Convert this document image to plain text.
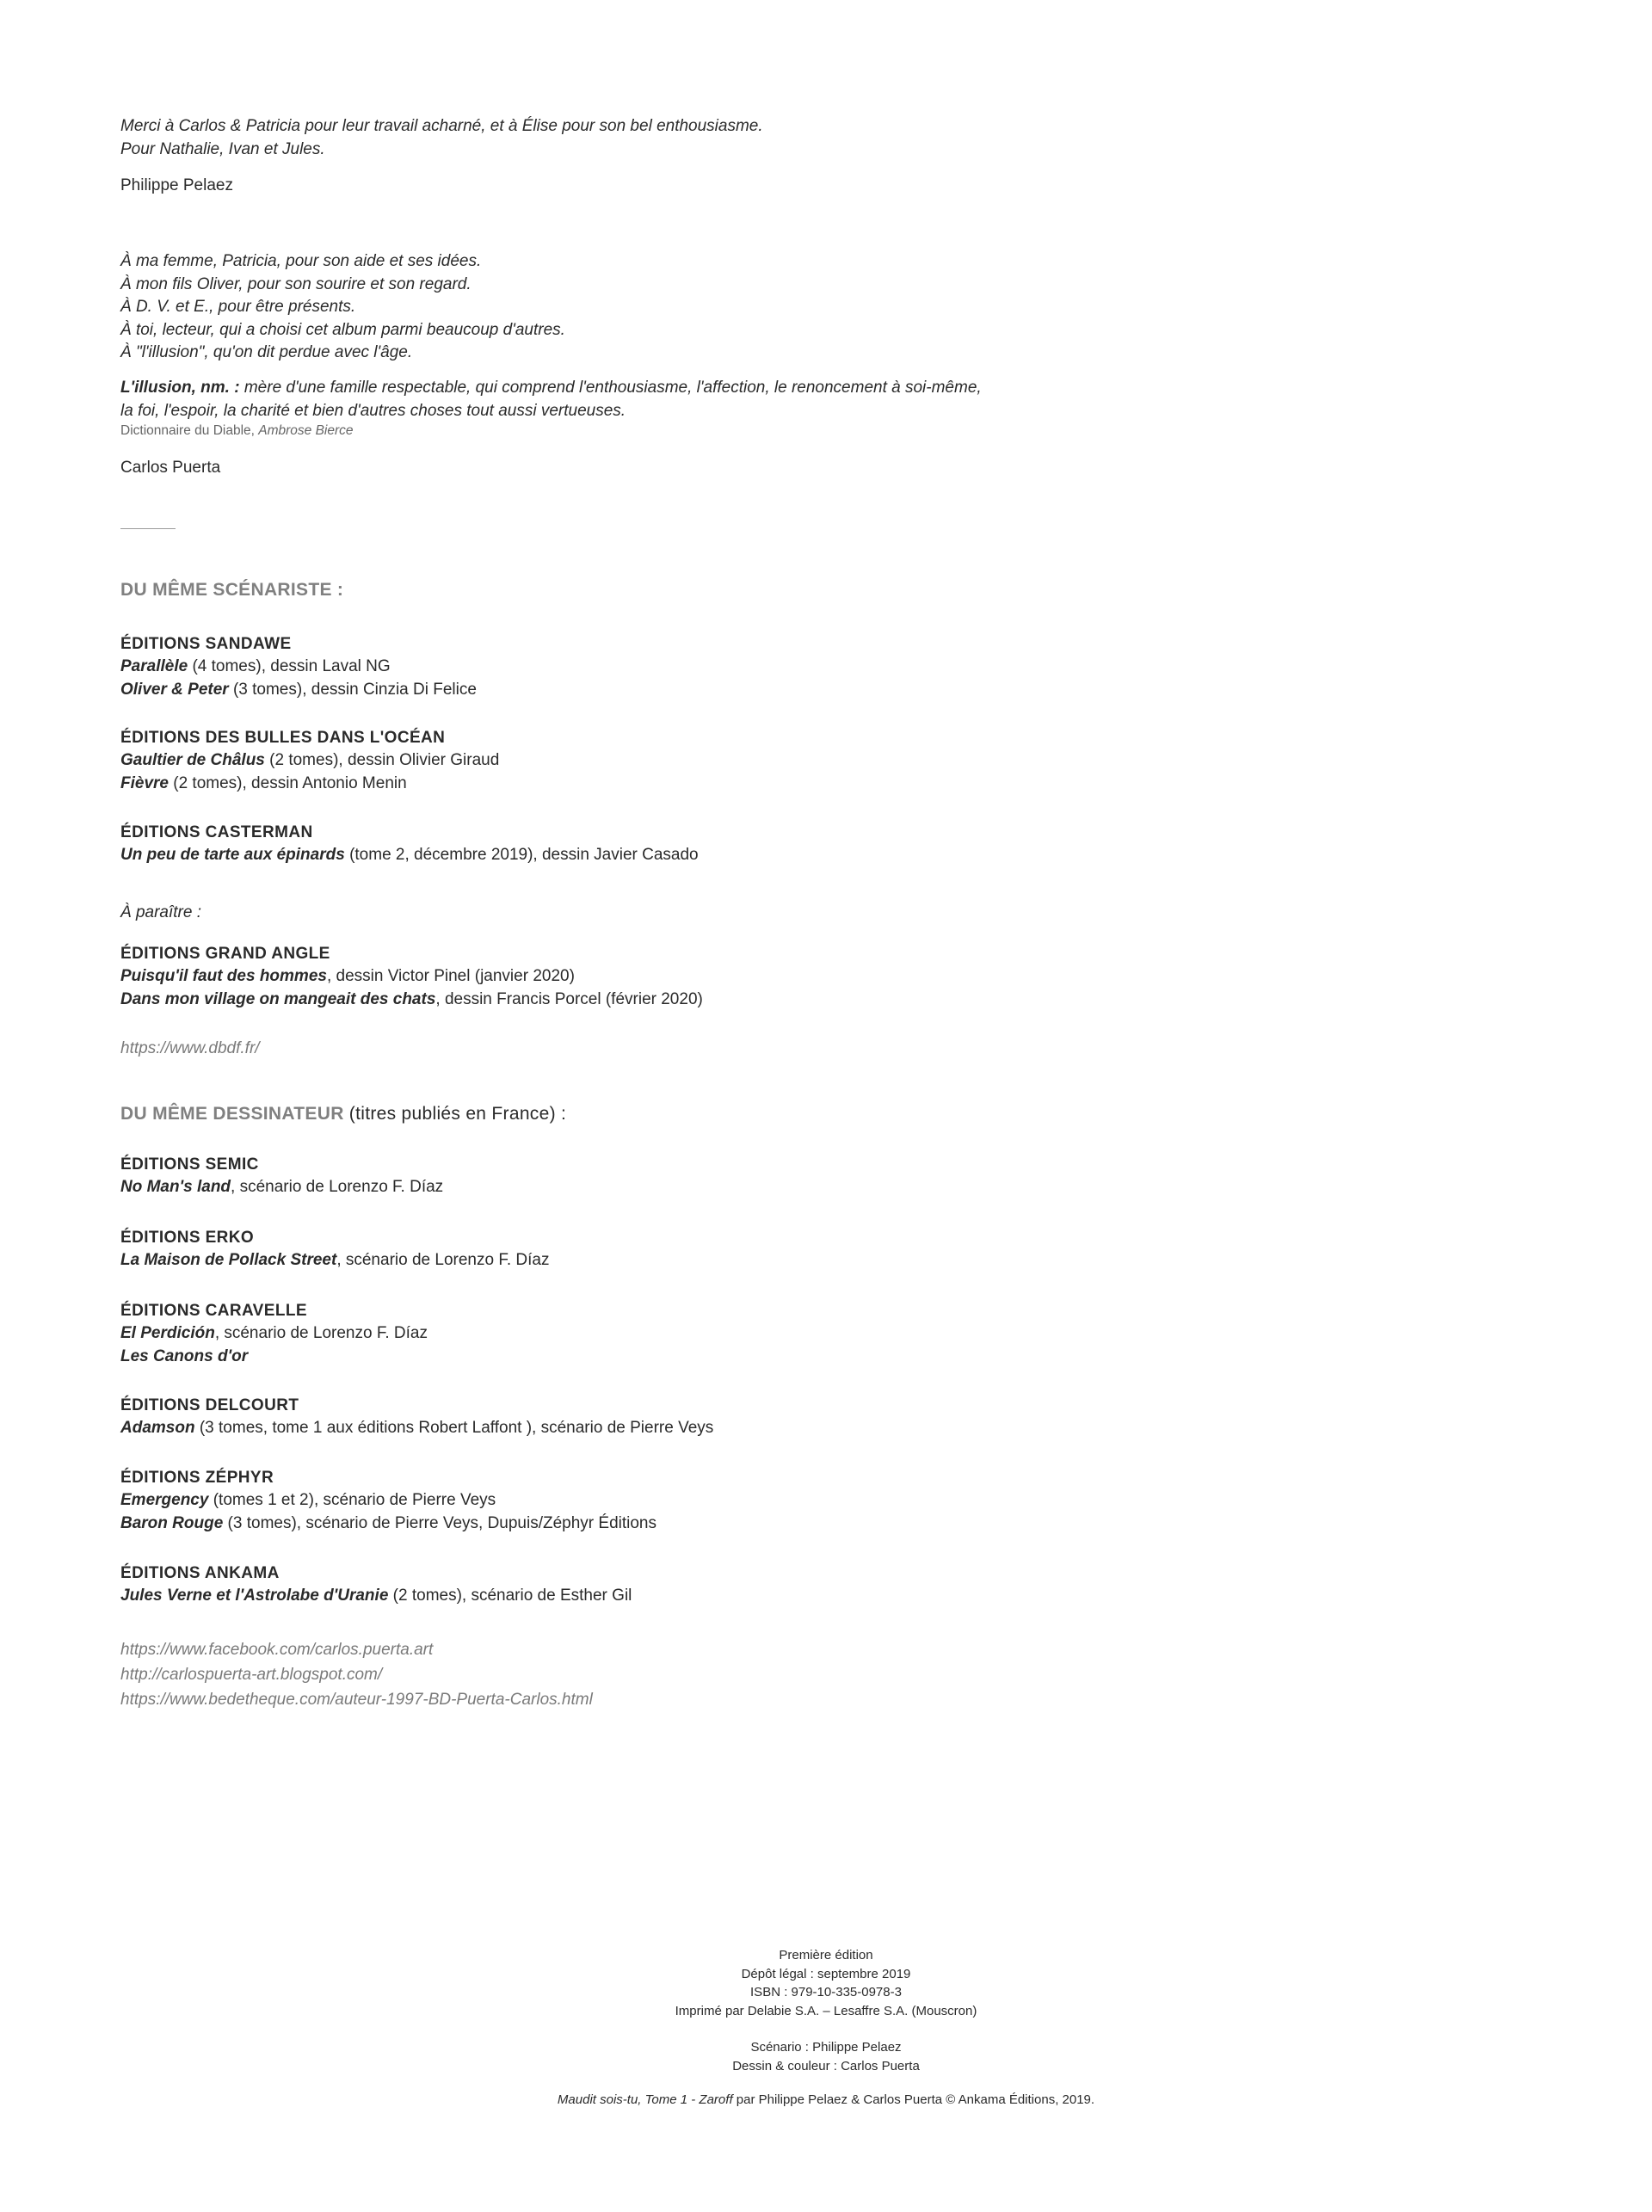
Merci à Carlos & Patricia pour leur travail acharné, et à Élise pour son bel enthousiasme.
Pour Nathalie, Ivan et Jules.
Philippe Pelaez
À ma femme, Patricia, pour son aide et ses idées.
À mon fils Oliver, pour son sourire et son regard.
À D. V. et E., pour être présents.
À toi, lecteur, qui a choisi cet album parmi beaucoup d'autres.
À "l'illusion", qu'on dit perdue avec l'âge.
L'illusion, nm. : mère d'une famille respectable, qui comprend l'enthousiasme, l'affection, le renoncement à soi-même,
la foi, l'espoir, la charité et bien d'autres choses tout aussi vertueuses.
Dictionnaire du Diable, Ambrose Bierce
Carlos Puerta
DU MÊME SCÉNARISTE :
ÉDITIONS SANDAWE
Parallèle (4 tomes), dessin Laval NG
Oliver & Peter (3 tomes), dessin Cinzia Di Felice
ÉDITIONS DES BULLES DANS L'OCÉAN
Gaultier de Châlus (2 tomes), dessin Olivier Giraud
Fièvre (2 tomes), dessin Antonio Menin
ÉDITIONS CASTERMAN
Un peu de tarte aux épinards (tome 2, décembre 2019), dessin Javier Casado
À paraître :
ÉDITIONS GRAND ANGLE
Puisqu'il faut des hommes, dessin Victor Pinel (janvier 2020)
Dans mon village on mangeait des chats, dessin Francis Porcel (février 2020)
https://www.dbdf.fr/
DU MÊME DESSINATEUR (titres publiés en France) :
ÉDITIONS SEMIC
No Man's land, scénario de Lorenzo F. Díaz
ÉDITIONS ERKO
La Maison de Pollack Street, scénario de Lorenzo F. Díaz
ÉDITIONS CARAVELLE
El Perdición, scénario de Lorenzo F. Díaz
Les Canons d'or
ÉDITIONS DELCOURT
Adamson (3 tomes, tome 1 aux éditions Robert Laffont ), scénario de Pierre Veys
ÉDITIONS ZÉPHYR
Emergency (tomes 1 et 2), scénario de Pierre Veys
Baron Rouge (3 tomes), scénario de Pierre Veys, Dupuis/Zéphyr Éditions
ÉDITIONS ANKAMA
Jules Verne et l'Astrolabe d'Uranie (2 tomes), scénario de Esther Gil
https://www.facebook.com/carlos.puerta.art
http://carlospuerta-art.blogspot.com/
https://www.bedetheque.com/auteur-1997-BD-Puerta-Carlos.html
Première édition
Dépôt légal : septembre 2019
ISBN : 979-10-335-0978-3
Imprimé par Delabie S.A. – Lesaffre S.A. (Mouscron)
Scénario : Philippe Pelaez
Dessin & couleur : Carlos Puerta
Maudit sois-tu, Tome 1 - Zaroff par Philippe Pelaez & Carlos Puerta © Ankama Éditions, 2019.
